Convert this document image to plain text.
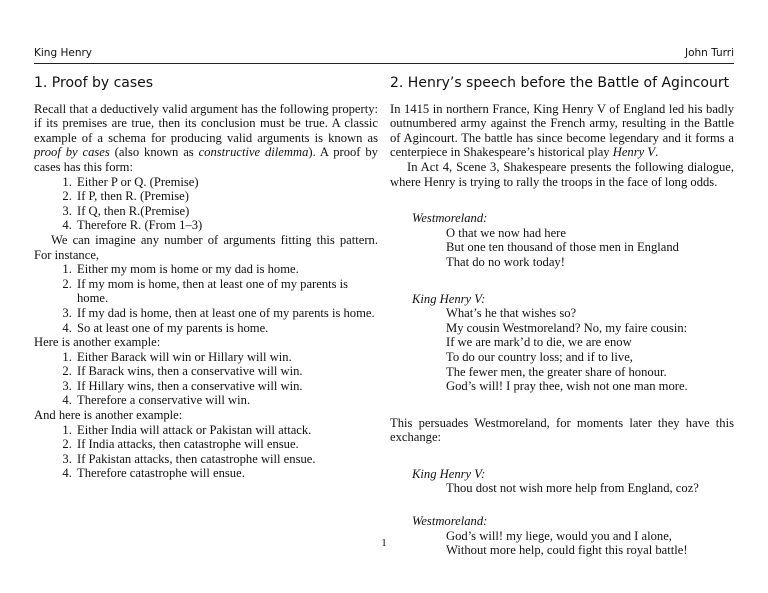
King Henry	John Turri
1. Proof by cases

Recall that a deductively valid argument has the following property: if its premises are true, then its conclusion must be true. A classic example of a schema for producing valid arguments is known as proof by cases (also known as constructive dilemma). A proof by cases has this form:

1. Either P or Q. (Premise)
2. If P, then R. (Premise)
3. If Q, then R.(Premise)
4. Therefore R. (From 1–3)

We can imagine any number of arguments fitting this pattern. For instance,

1. Either my mom is home or my dad is home.
2. If my mom is home, then at least one of my parents is home.
3. If my dad is home, then at least one of my parents is home.
4. So at least one of my parents is home.

Here is another example:

1. Either Barack will win or Hillary will win.
2. If Barack wins, then a conservative will win.
3. If Hillary wins, then a conservative will win.
4. Therefore a conservative will win.

And here is another example:

1. Either India will attack or Pakistan will attack.
2. If India attacks, then catastrophe will ensue.
3. If Pakistan attacks, then catastrophe will ensue.
4. Therefore catastrophe will ensue.
2. Henry’s speech before the Battle of Agincourt

In 1415 in northern France, King Henry V of England led his badly outnumbered army against the French army, resulting in the Battle of Agincourt. The battle has since become legendary and it forms a centerpiece in Shakespeare’s historical play Henry V.

In Act 4, Scene 3, Shakespeare presents the following dialogue, where Henry is trying to rally the troops in the face of long odds.

Westmoreland:
O that we now had here
But one ten thousand of those men in England
That do no work today!
King Henry V:
What’s he that wishes so?
My cousin Westmoreland? No, my faire cousin:
If we are mark’d to die, we are enow
To do our country loss; and if to live,
The fewer men, the greater share of honour.
God’s will! I pray thee, wish not one man more.

This persuades Westmoreland, for moments later they have this exchange:

King Henry V:
Thou dost not wish more help from England, coz?
Westmoreland:
God’s will! my liege, would you and I alone,
Without more help, could fight this royal battle!
1
